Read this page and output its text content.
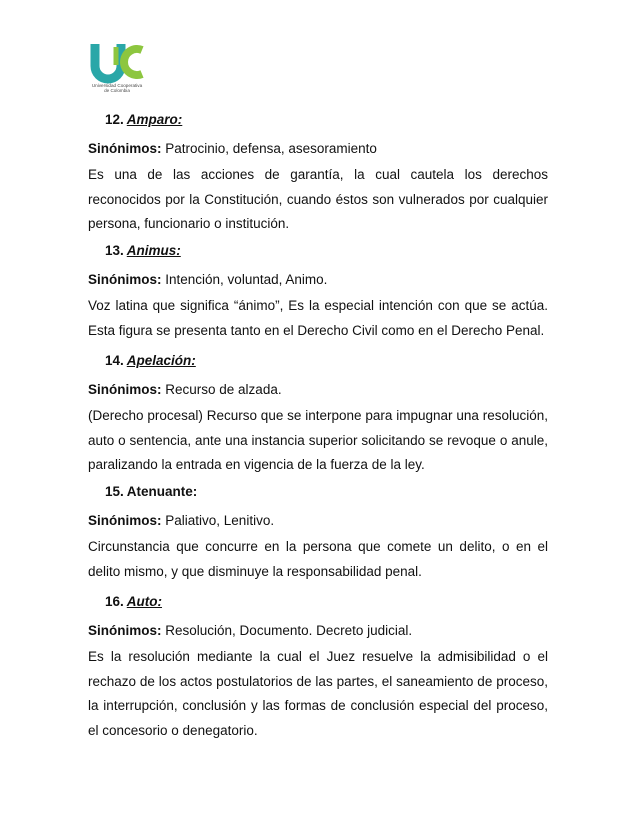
Universidad Cooperativa
de Colombia

12. Amparo:

Sinónimos: Patrocinio, defensa, asesoramiento

Es una de las acciones de garantía, la cual cautela los derechos reconocidos por la Constitución, cuando éstos son vulnerados por cualquier persona, funcionario o institución.

13. Animus:

Sinónimos: Intención, voluntad, Animo.

Voz latina que significa “ánimo”, Es la especial intención con que se actúa. Esta figura se presenta tanto en el Derecho Civil como en el Derecho Penal.

14. Apelación:

Sinónimos: Recurso de alzada.

(Derecho procesal) Recurso que se interpone para impugnar una resolución, auto o sentencia, ante una instancia superior solicitando se revoque o anule, paralizando la entrada en vigencia de la fuerza de la ley.

15. Atenuante:

Sinónimos: Paliativo, Lenitivo.

Circunstancia que concurre en la persona que comete un delito, o en el delito mismo, y que disminuye la responsabilidad penal.

16. Auto:

Sinónimos: Resolución, Documento. Decreto judicial.

Es la resolución mediante la cual el Juez resuelve la admisibilidad o el rechazo de los actos postulatorios de las partes, el saneamiento de proceso, la interrupción, conclusión y las formas de conclusión especial del proceso, el concesorio o denegatorio.
